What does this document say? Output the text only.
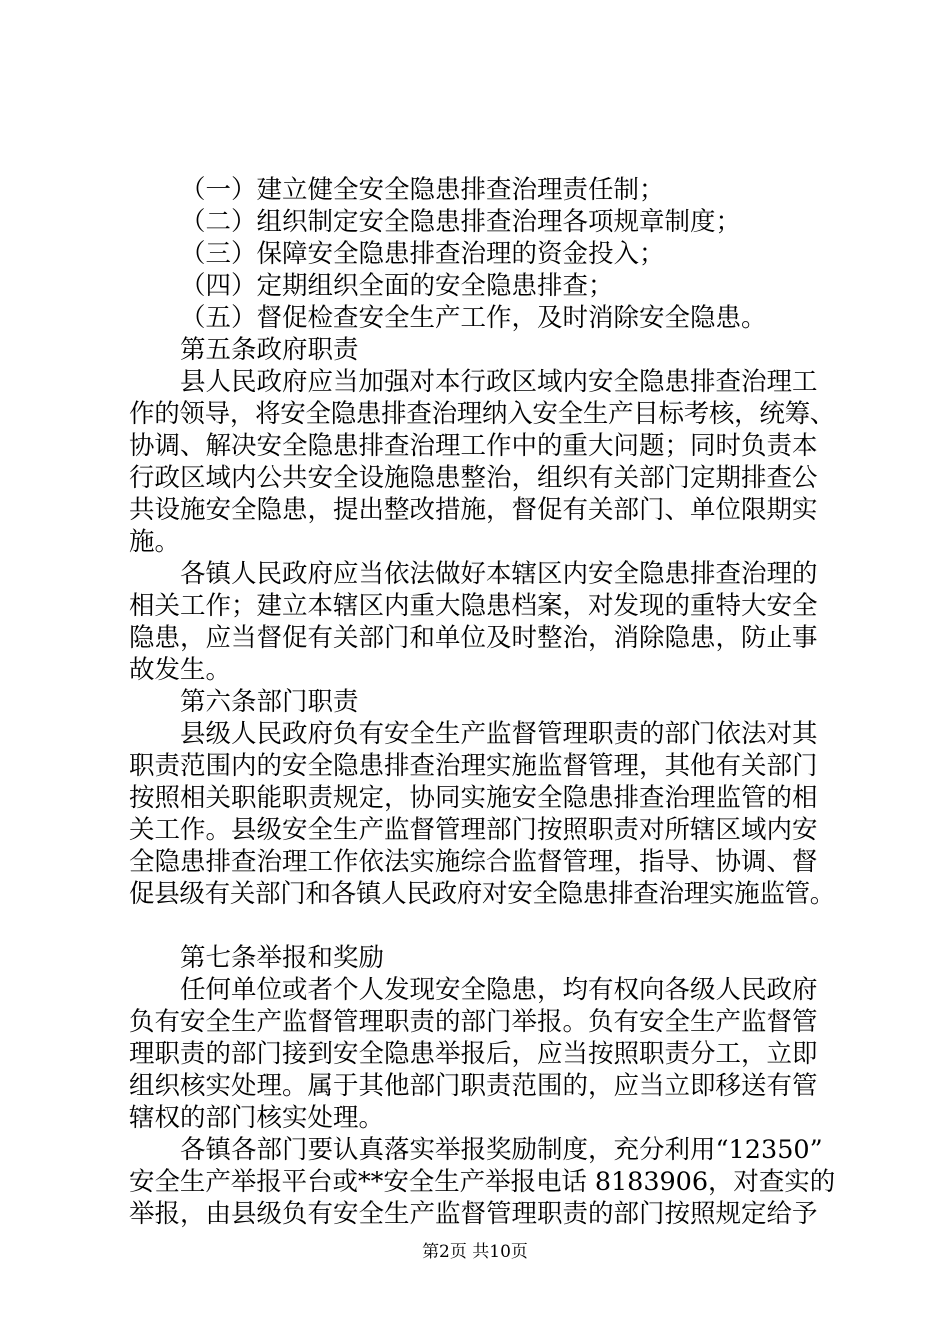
（一）建立健全安全隐患排查治理责任制；
（二）组织制定安全隐患排查治理各项规章制度；
（三）保障安全隐患排查治理的资金投入；
（四）定期组织全面的安全隐患排查；
（五）督促检查安全生产工作，及时消除安全隐患。
第五条政府职责
县人民政府应当加强对本行政区域内安全隐患排查治理工
作的领导，将安全隐患排查治理纳入安全生产目标考核，统筹、
协调、解决安全隐患排查治理工作中的重大问题；同时负责本
行政区域内公共安全设施隐患整治，组织有关部门定期排查公
共设施安全隐患，提出整改措施，督促有关部门、单位限期实
施。
各镇人民政府应当依法做好本辖区内安全隐患排查治理的
相关工作；建立本辖区内重大隐患档案，对发现的重特大安全
隐患，应当督促有关部门和单位及时整治，消除隐患，防止事
故发生。
第六条部门职责
县级人民政府负有安全生产监督管理职责的部门依法对其
职责范围内的安全隐患排查治理实施监督管理，其他有关部门
按照相关职能职责规定，协同实施安全隐患排查治理监管的相
关工作。县级安全生产监督管理部门按照职责对所辖区域内安
全隐患排查治理工作依法实施综合监督管理，指导、协调、督
促县级有关部门和各镇人民政府对安全隐患排查治理实施监管。
第七条举报和奖励
任何单位或者个人发现安全隐患，均有权向各级人民政府
负有安全生产监督管理职责的部门举报。负有安全生产监督管
理职责的部门接到安全隐患举报后，应当按照职责分工，立即
组织核实处理。属于其他部门职责范围的，应当立即移送有管
辖权的部门核实处理。
各镇各部门要认真落实举报奖励制度，充分利用“12350”
安全生产举报平台或**安全生产举报电话 8183906，对查实的
举报，由县级负有安全生产监督管理职责的部门按照规定给予
第2页 共10页
